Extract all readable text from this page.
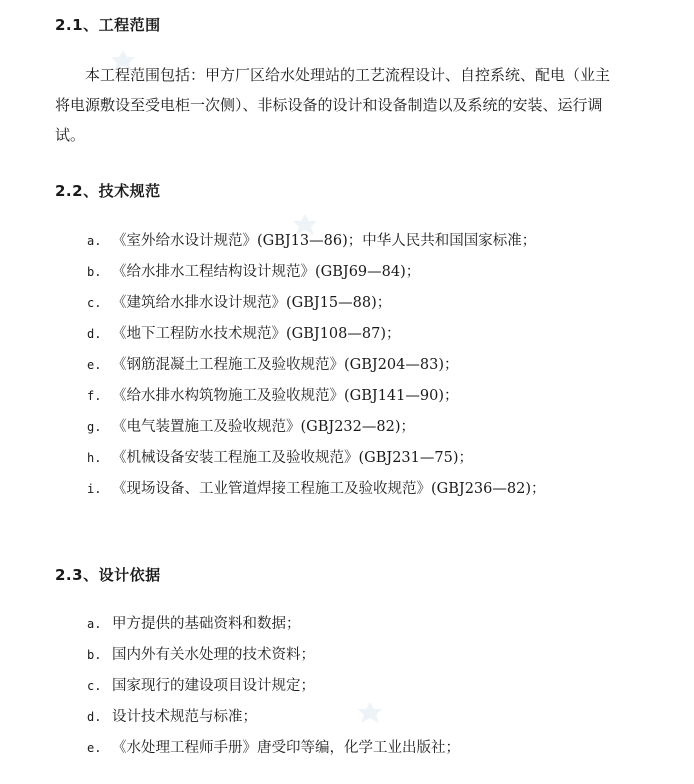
2.1、工程范围

本工程范围包括：甲方厂区给水处理站的工艺流程设计、自控系统、配电（业主将电源敷设至受电柜一次侧）、非标设备的设计和设备制造以及系统的安装、运行调试。

2.2、技术规范
a. 《室外给水设计规范》(GBJ13—86)；中华人民共和国国家标准；
b. 《给水排水工程结构设计规范》(GBJ69—84)；
c. 《建筑给水排水设计规范》(GBJ15—88)；
d. 《地下工程防水技术规范》(GBJ108—87)；
e. 《钢筋混凝土工程施工及验收规范》(GBJ204—83)；
f. 《给水排水构筑物施工及验收规范》(GBJ141—90)；
g. 《电气装置施工及验收规范》(GBJ232—82)；
h. 《机械设备安装工程施工及验收规范》(GBJ231—75)；
i. 《现场设备、工业管道焊接工程施工及验收规范》(GBJ236—82)；
2.3、设计依据
a. 甲方提供的基础资料和数据；
b. 国内外有关水处理的技术资料；
c. 国家现行的建设项目设计规定；
d. 设计技术规范与标准；
e. 《水处理工程师手册》唐受印等编，化学工业出版社；
